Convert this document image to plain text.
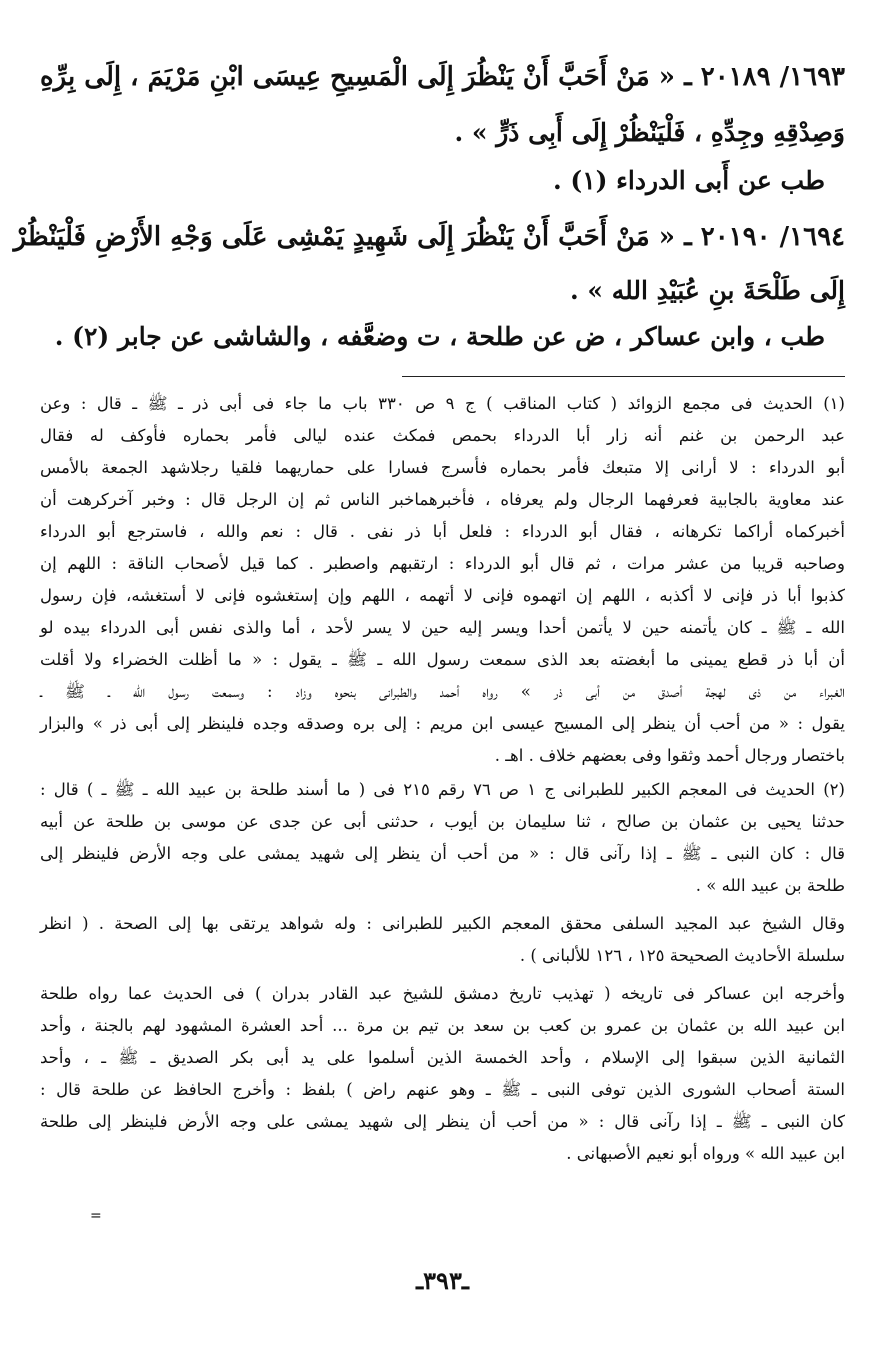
١٦٩٣/ ٢٠١٨٩ ـ « مَنْ أَحَبَّ أَنْ يَنْظُرَ إِلَى الْمَسِيحِ عِيسَى ابْنِ مَرْيَمَ ، إِلَى بِرِّهِ
وَصِدْقِهِ وجِدِّهِ ، فَلْيَنْظُرْ إِلَى أَبِى ذَرٍّ » .
طب عن أَبى الدرداء (١) .
١٦٩٤/ ٢٠١٩٠ ـ « مَنْ أَحَبَّ أَنْ يَنْظُرَ إِلَى شَهِيدٍ يَمْشِى عَلَى وَجْهِ الأَرْضِ فَلْيَنْظُرْ
إِلَى طَلْحَةَ بنِ عُبَيْدِ الله » .
طب ، وابن عساكر ، ض عن طلحة ، ت وضعَّفه ، والشاشى عن جابر (٢) .
(١) الحديث فى مجمع الزوائد ( كتاب المناقب ) ج ٩ ص ٣٣٠ باب ما جاء فى أبى ذر ـ ﷺ ـ قال : وعن
عبد الرحمن بن غنم أنه زار أبا الدرداء بحمص فمكث عنده ليالى فأمر بحماره فأوكف له فقال
أبو الدرداء : لا أرانى إلا متبعك فأمر بحماره فأسرج فسارا على حماريهما فلقيا رجلاشهد الجمعة بالأمس
عند معاوية بالجابية فعرفهما الرجال ولم يعرفاه ، فأخبرهماخبر الناس ثم إن الرجل قال : وخبر آخركرهت أن
أخبركماه أراكما تكرهانه ، فقال أبو الدرداء : فلعل أبا ذر نفى . قال : نعم والله ، فاسترجع أبو الدرداء
وصاحبه قريبا من عشر مرات ، ثم قال أبو الدرداء : ارتقبهم واصطبر . كما قيل لأصحاب الناقة : اللهم إن
كذبوا أبا ذر فإنى لا أكذبه ، اللهم إن اتهموه فإنى لا أتهمه ، اللهم وإن إستغشوه فإنى لا أستغشه، فإن رسول
الله ـ ﷺ ـ كان يأتمنه حين لا يأتمن أحدا ويسر إليه حين لا يسر لأحد ، أما والذى نفس أبى الدرداء بيده لو
أن أبا ذر قطع يمينى ما أبغضته بعد الذى سمعت رسول الله ـ ﷺ ـ يقول : « ما أظلت الخضراء ولا أقلت
الغبراء من ذى لهجة أصدق من أبى ذر » رواه أحمد والطبرانى بنحوه وزاد : وسمعت رسول الله ـ ﷺ ـ
يقول : « من أحب أن ينظر إلى المسيح عيسى ابن مريم : إلى بره وصدقه وجده فلينظر إلى أبى ذر » والبزار
باختصار ورجال أحمد وثقوا وفى بعضهم خلاف . اهـ .
(٢) الحديث فى المعجم الكبير للطبرانى ج ١ ص ٧٦ رقم ٢١٥ فى ( ما أسند طلحة بن عبيد الله ـ ﷺ ـ ) قال :
حدثنا يحيى بن عثمان بن صالح ، ثنا سليمان بن أيوب ، حدثنى أبى عن جدى عن موسى بن طلحة عن أبيه
قال : كان النبى ـ ﷺ ـ إذا رآنى قال : « من أحب أن ينظر إلى شهيد يمشى على وجه الأرض فلينظر إلى
طلحة بن عبيد الله » .
وقال الشيخ عبد المجيد السلفى محقق المعجم الكبير للطبرانى : وله شواهد يرتقى بها إلى الصحة . ( انظر
سلسلة الأحاديث الصحيحة ١٢٥ ، ١٢٦ للألبانى ) .
وأخرجه ابن عساكر فى تاريخه ( تهذيب تاريخ دمشق للشيخ عبد القادر بدران ) فى الحديث عما رواه طلحة
ابن عبيد الله بن عثمان بن عمرو بن كعب بن سعد بن تيم بن مرة ... أحد العشرة المشهود لهم بالجنة ، وأحد
الثمانية الذين سبقوا إلى الإسلام ، وأحد الخمسة الذين أسلموا على يد أبى بكر الصديق ـ ﷺ ـ ، وأحد
الستة أصحاب الشورى الذين توفى النبى ـ ﷺ ـ وهو عنهم راض ) بلفظ : وأخرج الحافظ عن طلحة قال :
كان النبى ـ ﷺ ـ إذا رآنى قال : « من أحب أن ينظر إلى شهيد يمشى على وجه الأرض فلينظر إلى طلحة
ابن عبيد الله » ورواه أبو نعيم الأصبهانى .
=
ـ٣٩٣ـ
